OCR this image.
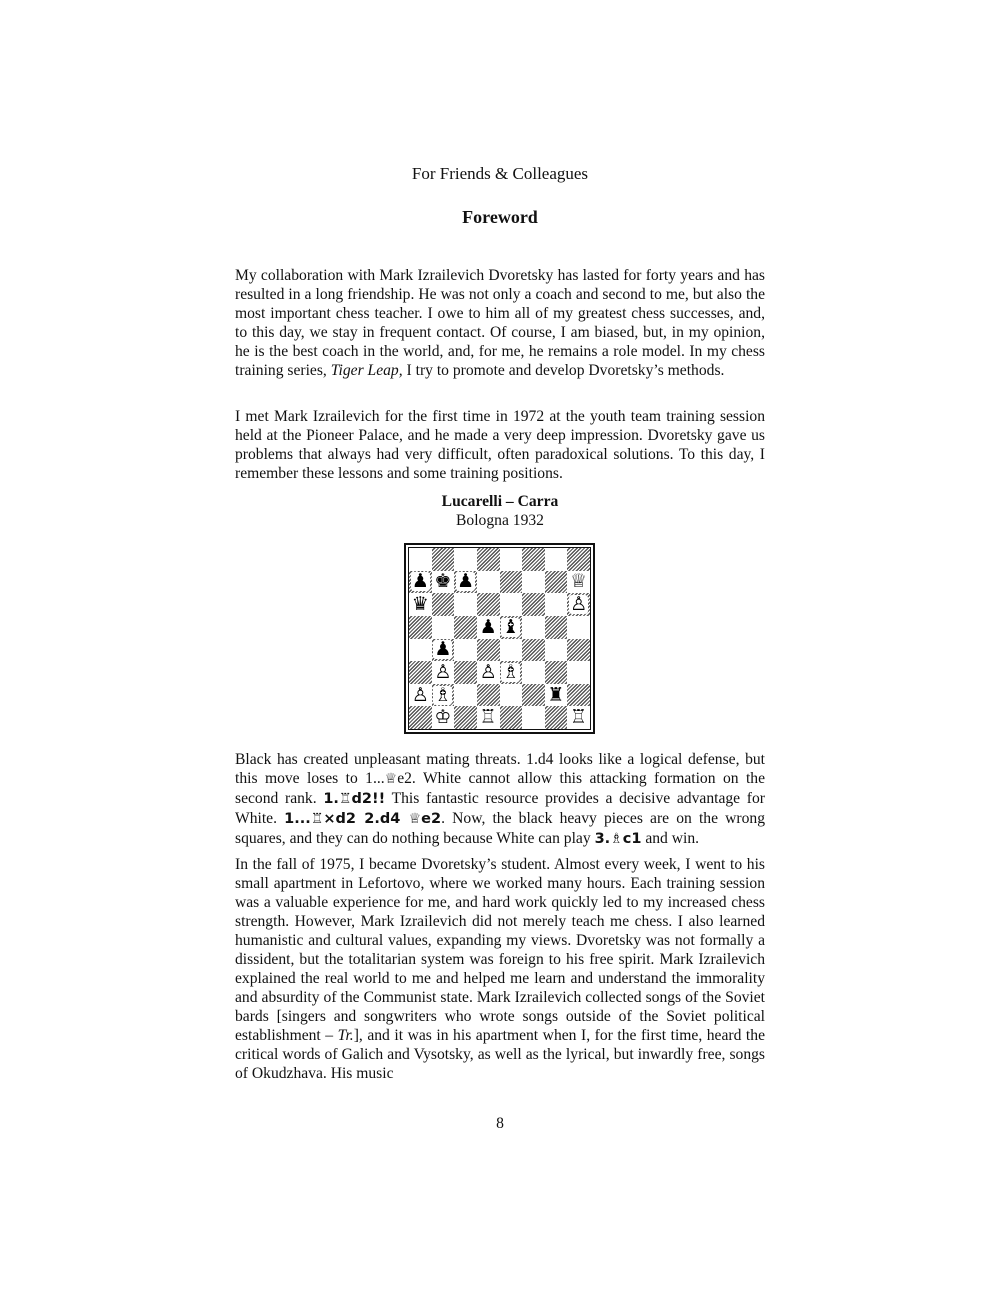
For Friends & Colleagues
Foreword

My collaboration with Mark Izrailevich Dvoretsky has lasted for forty years and has resulted in a long friendship. He was not only a coach and second to me, but also the most important chess teacher. I owe to him all of my greatest chess successes, and, to this day, we stay in frequent contact. Of course, I am biased, but, in my opinion, he is the best coach in the world, and, for me, he remains a role model. In my chess training series, Tiger Leap, I try to promote and develop Dvoretsky’s methods.

I met Mark Izrailevich for the first time in 1972 at the youth team training session held at the Pioneer Palace, and he made a very deep impression. Dvoretsky gave us problems that always had very difficult, often paradoxical solutions. To this day, I remember these lessons and some training positions.

Lucarelli – Carra
Bologna 1932
♟ ♚ ♟	♕
♛	♙
♟ ♝
♟
♙ ♙ ♗
♙ ♗	♜
♔ ♖	♖

Black has created unpleasant mating threats. 1.d4 looks like a logical defense, but this move loses to 1...♕e2. White cannot allow this attacking formation on the second rank. 1.♖d2!! This fantastic resource provides a decisive advantage for White. 1...♖×d2 2.d4 ♕e2. Now, the black heavy pieces are on the wrong squares, and they can do nothing because White can play 3.♗c1 and win.

In the fall of 1975, I became Dvoretsky’s student. Almost every week, I went to his small apartment in Lefortovo, where we worked many hours. Each training session was a valuable experience for me, and hard work quickly led to my increased chess strength. However, Mark Izrailevich did not merely teach me chess. I also learned humanistic and cultural values, expanding my views. Dvoretsky was not formally a dissident, but the totalitarian system was foreign to his free spirit. Mark Izrailevich explained the real world to me and helped me learn and understand the immorality and absurdity of the Communist state. Mark Izrailevich collected songs of the Soviet bards [singers and songwriters who wrote songs outside of the Soviet political establishment – Tr.], and it was in his apartment when I, for the first time, heard the critical words of Galich and Vysotsky, as well as the lyrical, but inwardly free, songs of Okudzhava. His music

8
